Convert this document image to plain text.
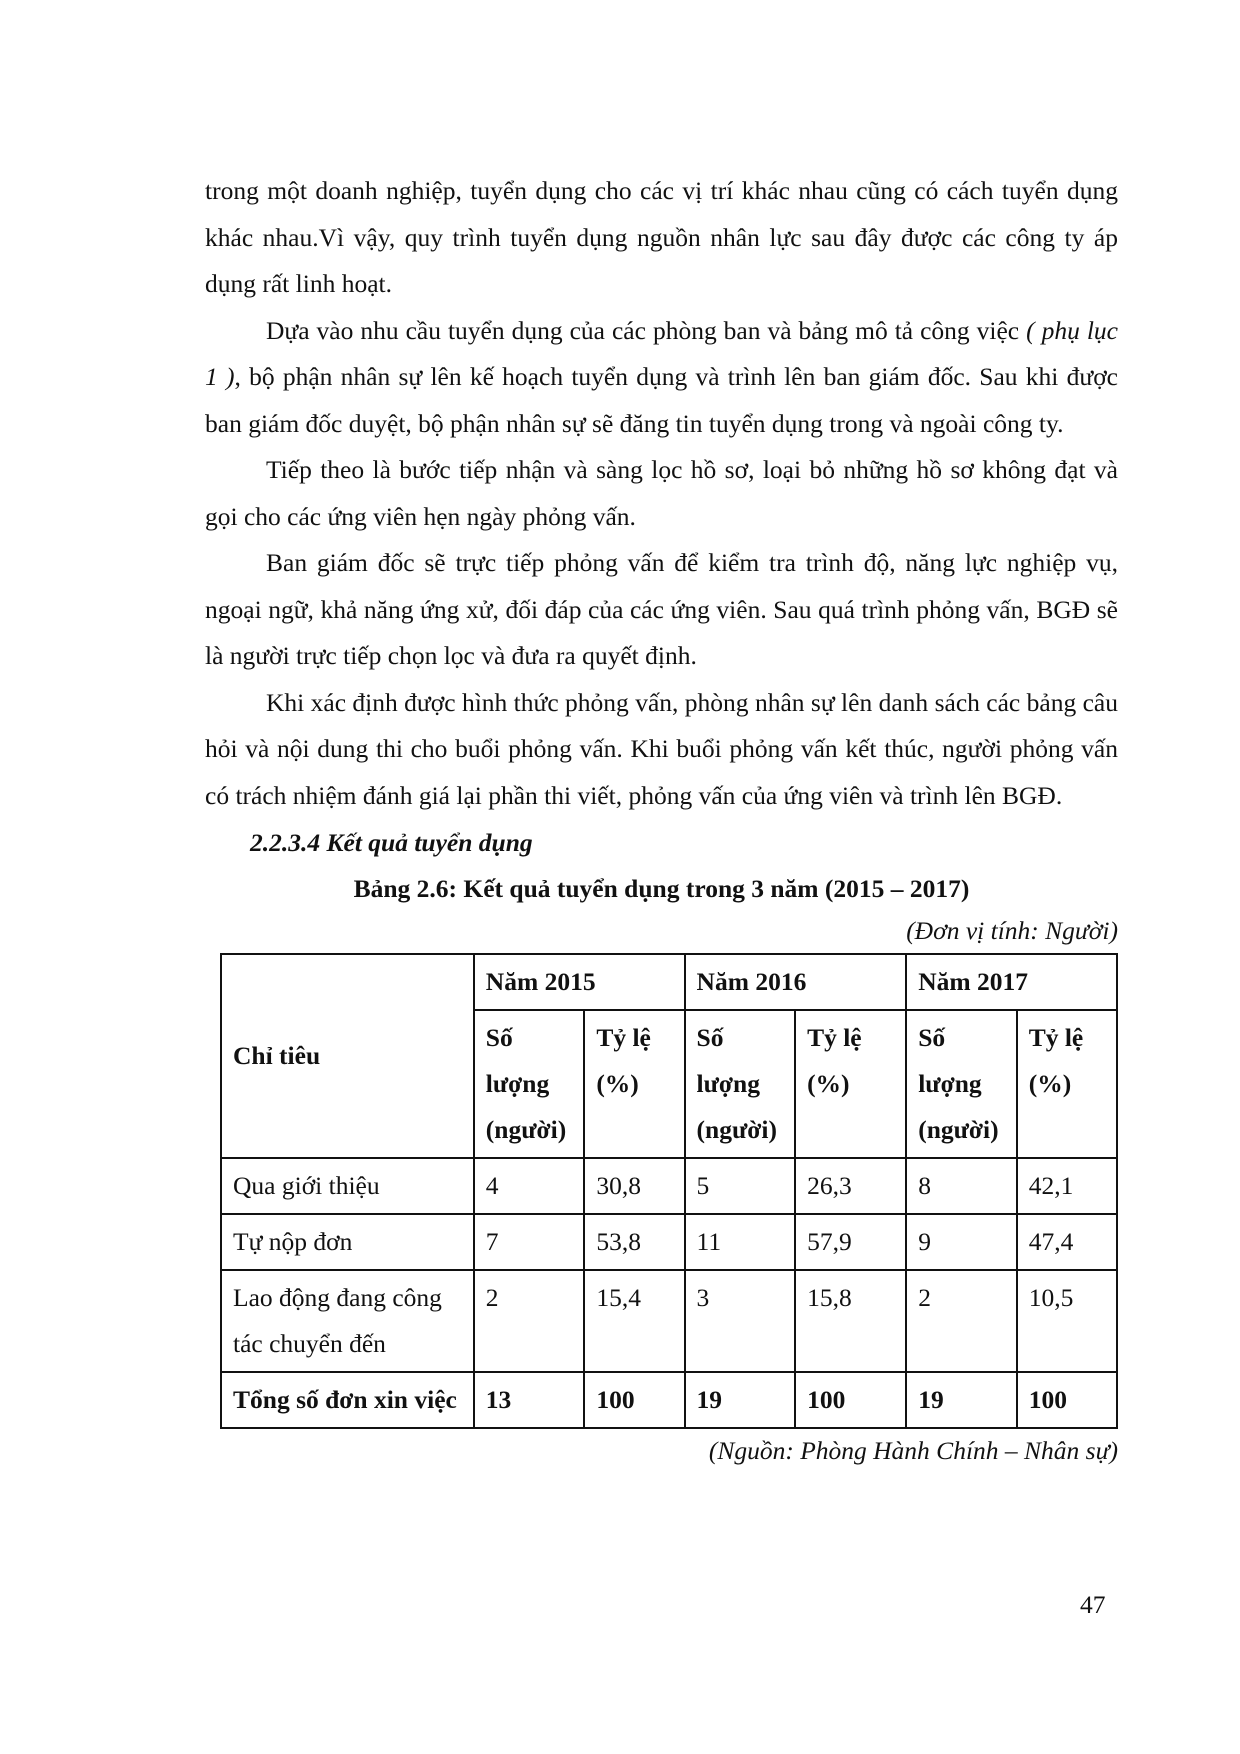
trong một doanh nghiệp, tuyển dụng cho các vị trí khác nhau cũng có cách tuyển dụng khác nhau.Vì vậy, quy trình tuyển dụng nguồn nhân lực sau đây được các công ty áp dụng rất linh hoạt.

Dựa vào nhu cầu tuyển dụng của các phòng ban và bảng mô tả công việc ( phụ lục 1 ), bộ phận nhân sự lên kế hoạch tuyển dụng và trình lên ban giám đốc. Sau khi được ban giám đốc duyệt, bộ phận nhân sự sẽ đăng tin tuyển dụng trong và ngoài công ty.

Tiếp theo là bước tiếp nhận và sàng lọc hồ sơ, loại bỏ những hồ sơ không đạt và gọi cho các ứng viên hẹn ngày phỏng vấn.

Ban giám đốc sẽ trực tiếp phỏng vấn để kiểm tra trình độ, năng lực nghiệp vụ, ngoại ngữ, khả năng ứng xử, đối đáp của các ứng viên. Sau quá trình phỏng vấn, BGĐ sẽ là người trực tiếp chọn lọc và đưa ra quyết định.

Khi xác định được hình thức phỏng vấn, phòng nhân sự lên danh sách các bảng câu hỏi và nội dung thi cho buổi phỏng vấn. Khi buổi phỏng vấn kết thúc, người phỏng vấn có trách nhiệm đánh giá lại phần thi viết, phỏng vấn của ứng viên và trình lên BGĐ.

2.2.3.4 Kết quả tuyển dụng
Bảng 2.6: Kết quả tuyển dụng trong 3 năm (2015 – 2017)
(Đơn vị tính: Người)
Chỉ tiêu	Năm 2015		Năm 2016		Năm 2017	
	Số lượng (người)	Tỷ lệ (%)	Số lượng (người)	Tỷ lệ (%)	Số lượng (người)	Tỷ lệ (%)
Qua giới thiệu	4	30,8	5	26,3	8	42,1
Tự nộp đơn	7	53,8	11	57,9	9	47,4
Lao động đang công tác chuyển đến	2	15,4	3	15,8	2	10,5
Tổng số đơn xin việc	13	100	19	100	19	100
(Nguồn: Phòng Hành Chính – Nhân sự)
47
